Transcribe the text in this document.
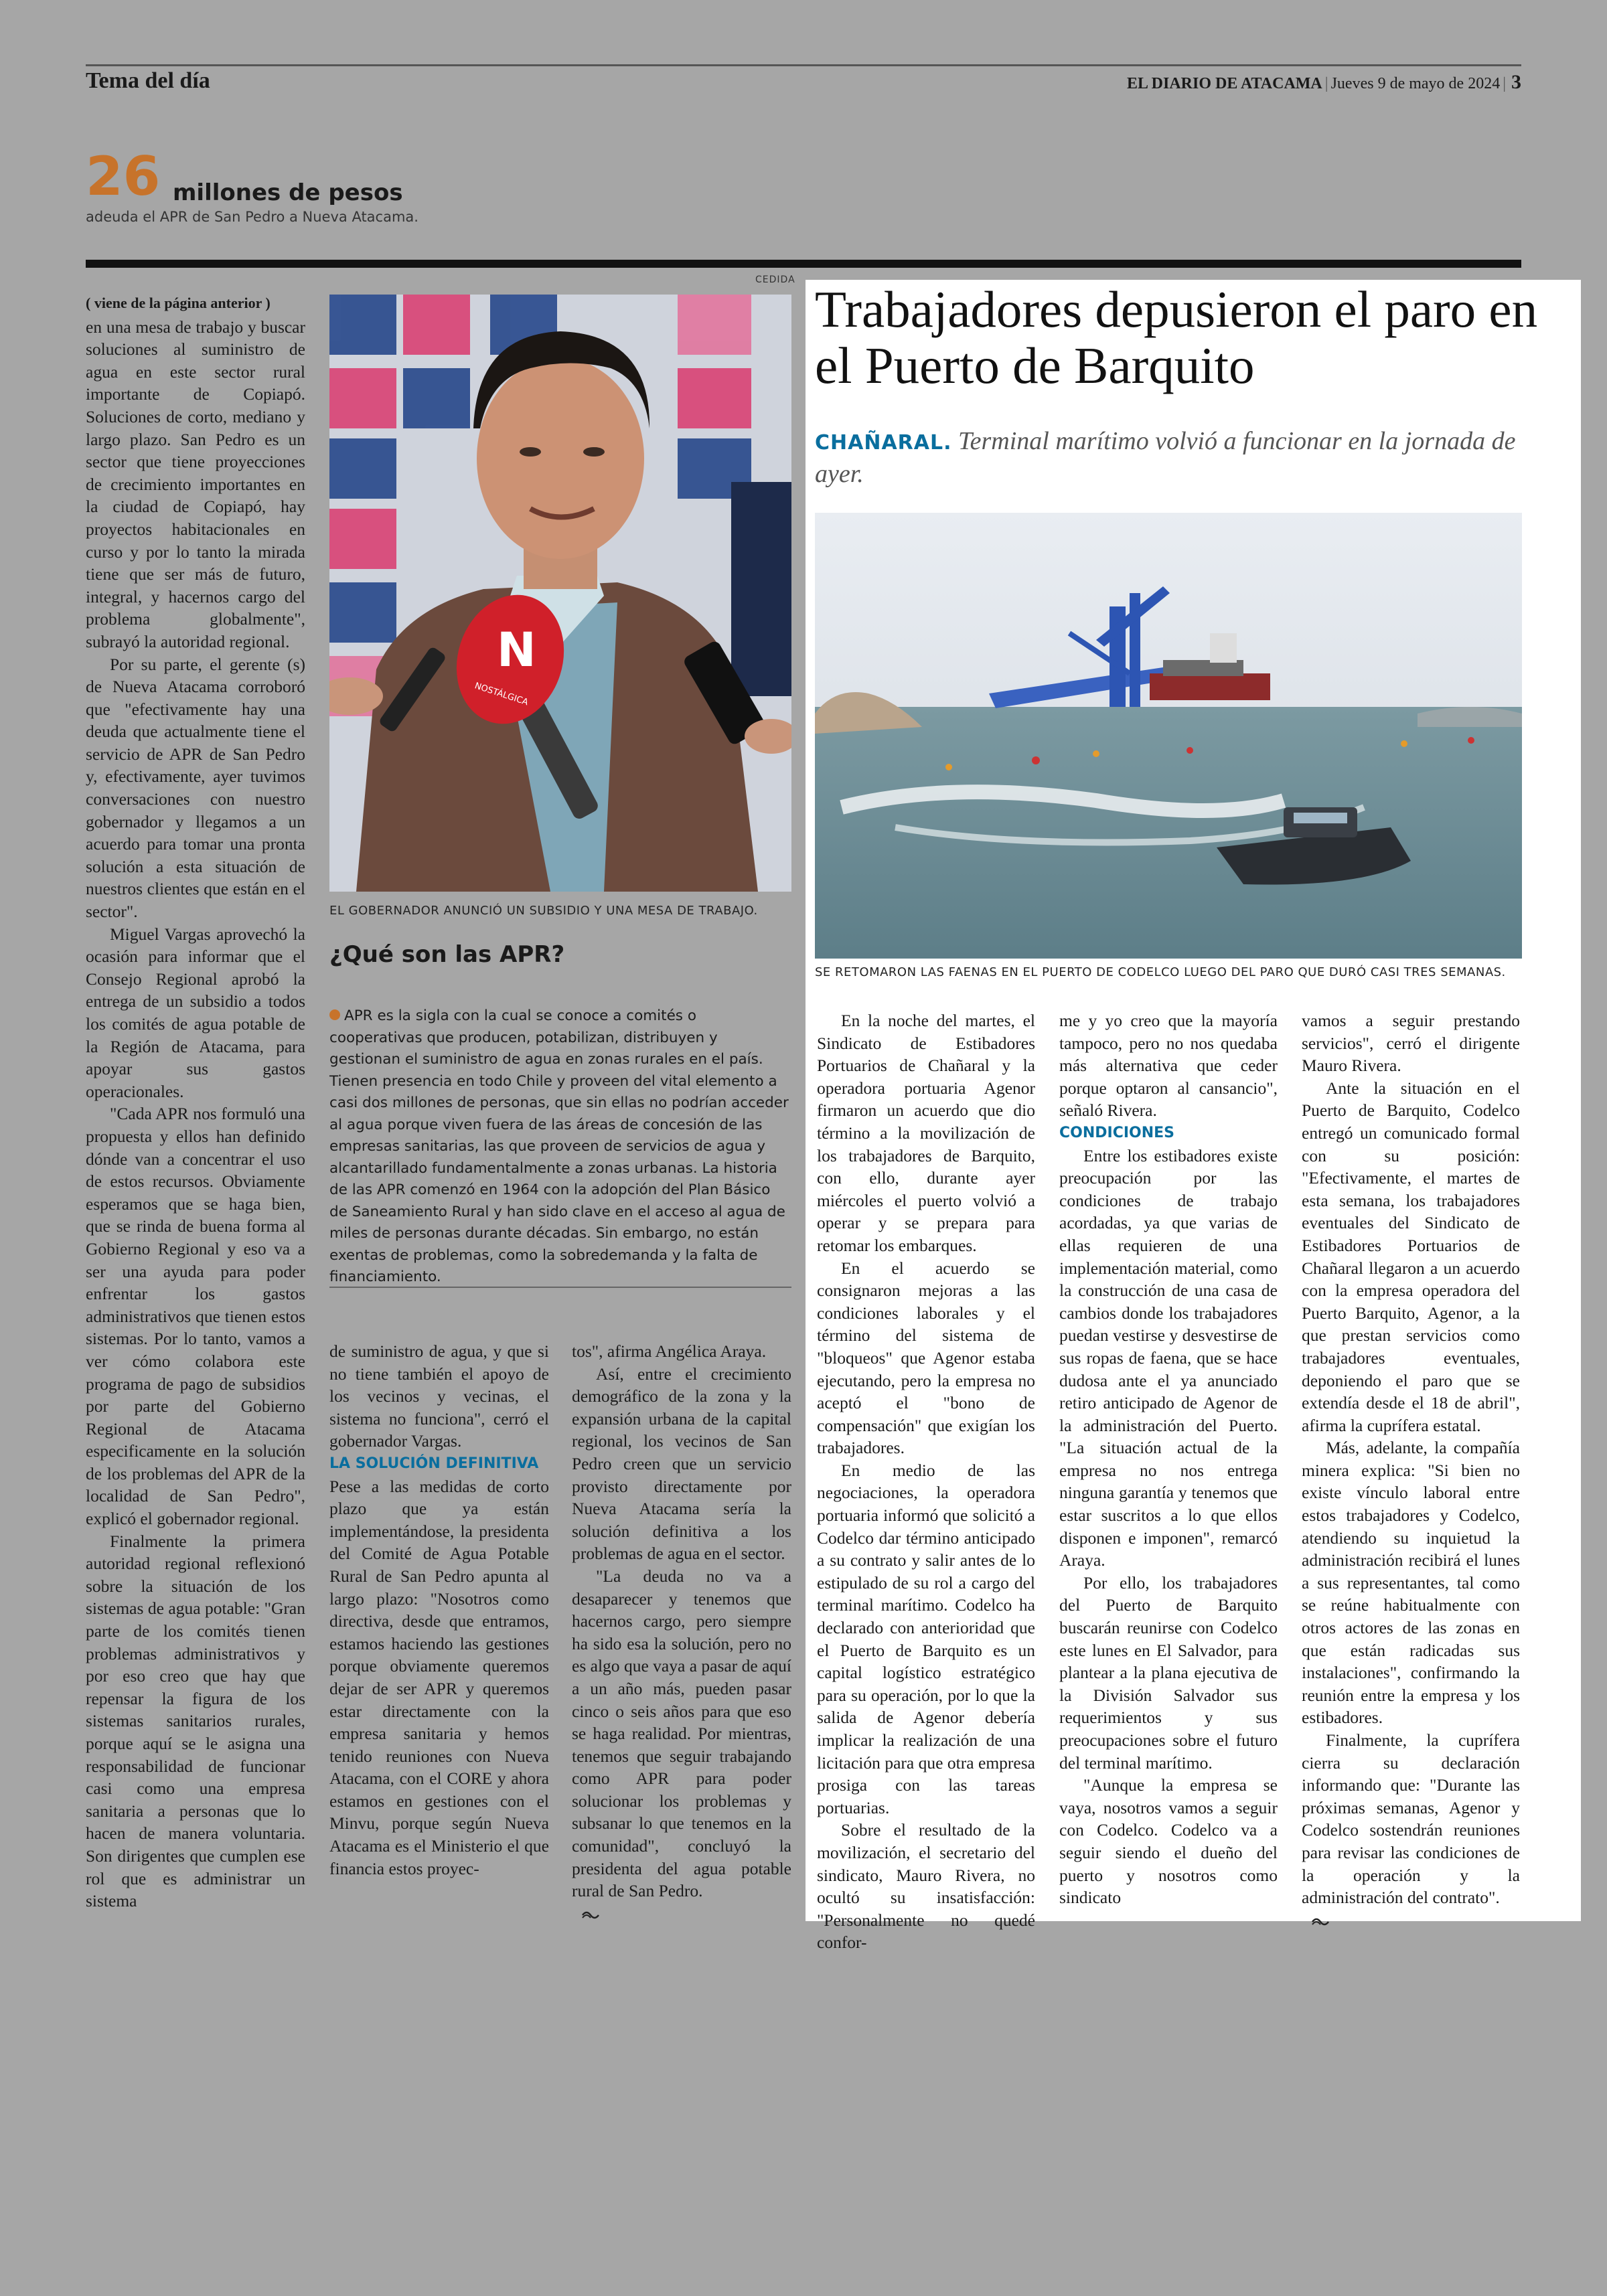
Tema del día	EL DIARIO DE ATACAMA | Jueves 9 de mayo de 2024 | 3
26 millones de pesos
adeuda el APR de San Pedro a Nueva Atacama.
( viene de la página anterior )

en una mesa de trabajo y buscar soluciones al suministro de agua en este sector rural importante de Copiapó. Soluciones de corto, mediano y largo plazo. San Pedro es un sector que tiene proyecciones de crecimiento importantes en la ciudad de Copiapó, hay proyectos habitacionales en curso y por lo tanto la mirada tiene que ser más de futuro, integral, y hacernos cargo del problema globalmente", subrayó la autoridad regional.

Por su parte, el gerente (s) de Nueva Atacama corroboró que "efectivamente hay una deuda que actualmente tiene el servicio de APR de San Pedro y, efectivamente, ayer tuvimos conversaciones con nuestro gobernador y llegamos a un acuerdo para tomar una pronta solución a esta situación de nuestros clientes que están en el sector".

Miguel Vargas aprovechó la ocasión para informar que el Consejo Regional aprobó la entrega de un subsidio a todos los comités de agua potable de la Región de Atacama, para apoyar sus gastos operacionales.

"Cada APR nos formuló una propuesta y ellos han definido dónde van a concentrar el uso de estos recursos. Obviamente esperamos que se haga bien, que se rinda de buena forma al Gobierno Regional y eso va a ser una ayuda para poder enfrentar los gastos administrativos que tienen estos sistemas. Por lo tanto, vamos a ver cómo colabora este programa de pago de subsidios por parte del Gobierno Regional de Atacama especificamente en la solución de los problemas del APR de la localidad de San Pedro", explicó el gobernador regional.

Finalmente la primera autoridad regional reflexionó sobre la situación de los sistemas de agua potable: "Gran parte de los comités tienen problemas administrativos y por eso creo que hay que repensar la figura de los sistemas sanitarios rurales, porque aquí se le asigna una responsabilidad de funcionar casi como una empresa sanitaria a personas que lo hacen de manera voluntaria. Son dirigentes que cumplen ese rol que es administrar un sistema

CEDIDA
N
NOSTÁLGICA
EL GOBERNADOR ANUNCIÓ UN SUBSIDIO Y UNA MESA DE TRABAJO.
¿Qué son las APR?
APR es la sigla con la cual se conoce a comités o cooperativas que producen, potabilizan, distribuyen y gestionan el suministro de agua en zonas rurales en el país. Tienen presencia en todo Chile y proveen del vital elemento a casi dos millones de personas, que sin ellas no podrían acceder al agua porque viven fuera de las áreas de concesión de las empresas sanitarias, las que proveen de servicios de agua y alcantarillado fundamentalmente a zonas urbanas. La historia de las APR comenzó en 1964 con la adopción del Plan Básico de Saneamiento Rural y han sido clave en el acceso al agua de miles de personas durante décadas. Sin embargo, no están exentas de problemas, como la sobredemanda y la falta de financiamiento.

de suministro de agua, y que si no tiene también el apoyo de los vecinos y vecinas, el sistema no funciona", cerró el gobernador Vargas.

LA SOLUCIÓN DEFINITIVA

Pese a las medidas de corto plazo que ya están implementándose, la presidenta del Comité de Agua Potable Rural de San Pedro apunta al largo plazo: "Nosotros como directiva, desde que entramos, estamos haciendo las gestiones porque obviamente queremos dejar de ser APR y queremos estar directamente con la empresa sanitaria y hemos tenido reuniones con Nueva Atacama, con el CORE y ahora estamos en gestiones con el Minvu, porque según Nueva Atacama es el Ministerio el que financia estos proyec-

tos", afirma Angélica Araya.

Así, entre el crecimiento demográfico de la zona y la expansión urbana de la capital regional, los vecinos de San Pedro creen que un servicio provisto directamente por Nueva Atacama sería la solución definitiva a los problemas de agua en el sector.

"La deuda no va a desaparecer y tenemos que hacernos cargo, pero siempre ha sido esa la solución, pero no es algo que vaya a pasar de aquí a un año más, pueden pasar cinco o seis años para que eso se haga realidad. Por mientras, tenemos que seguir trabajando como APR para poder solucionar los problemas y subsanar lo que tenemos en la comunidad", concluyó la presidenta del agua potable rural de San Pedro.

Trabajadores depusieron el paro en el Puerto de Barquito
CHAÑARAL. Terminal marítimo volvió a funcionar en la jornada de ayer.
SE RETOMARON LAS FAENAS EN EL PUERTO DE CODELCO LUEGO DEL PARO QUE DURÓ CASI TRES SEMANAS.

En la noche del martes, el Sindicato de Estibadores Portuarios de Chañaral y la operadora portuaria Agenor firmaron un acuerdo que dio término a la movilización de los trabajadores de Barquito, con ello, durante ayer miércoles el puerto volvió a operar y se prepara para retomar los embarques.

En el acuerdo se consignaron mejoras a las condiciones laborales y el término del sistema de "bloqueos" que Agenor estaba ejecutando, pero la empresa no aceptó el "bono de compensación" que exigían los trabajadores.

En medio de las negociaciones, la operadora portuaria informó que solicitó a Codelco dar término anticipado a su contrato y salir antes de lo estipulado de su rol a cargo del terminal marítimo. Codelco ha declarado con anterioridad que el Puerto de Barquito es un capital logístico estratégico para su operación, por lo que la salida de Agenor debería implicar la realización de una licitación para que otra empresa prosiga con las tareas portuarias.

Sobre el resultado de la movilización, el secretario del sindicato, Mauro Rivera, no ocultó su insatisfacción: "Personalmente no quedé confor-

me y yo creo que la mayoría tampoco, pero no nos quedaba más alternativa que ceder porque optaron al cansancio", señaló Rivera.

CONDICIONES

Entre los estibadores existe preocupación por las condiciones de trabajo acordadas, ya que varias de ellas requieren de una implementación material, como la construcción de una casa de cambios donde los trabajadores puedan vestirse y desvestirse de sus ropas de faena, que se hace dudosa ante el ya anunciado retiro anticipado de Agenor de la administración del Puerto. "La situación actual de la empresa no nos entrega ninguna garantía y tenemos que estar suscritos a lo que ellos disponen e imponen", remarcó Araya.

Por ello, los trabajadores del Puerto de Barquito buscarán reunirse con Codelco este lunes en El Salvador, para plantear a la plana ejecutiva de la División Salvador sus requerimientos y sus preocupaciones sobre el futuro del terminal marítimo.

"Aunque la empresa se vaya, nosotros vamos a seguir con Codelco. Codelco va a seguir siendo el dueño del puerto y nosotros como sindicato

vamos a seguir prestando servicios", cerró el dirigente Mauro Rivera.

Ante la situación en el Puerto de Barquito, Codelco entregó un comunicado formal con su posición: "Efectivamente, el martes de esta semana, los trabajadores eventuales del Sindicato de Estibadores Portuarios de Chañaral llegaron a un acuerdo con la empresa operadora del Puerto Barquito, Agenor, a la que prestan servicios como trabajadores eventuales, deponiendo el paro que se extendía desde el 18 de abril", afirma la cuprífera estatal.

Más, adelante, la compañía minera explica: "Si bien no existe vínculo laboral entre estos trabajadores y Codelco, atendiendo su inquietud la administración recibirá el lunes a sus representantes, tal como se reúne habitualmente con otros actores de las zonas en que están radicadas sus instalaciones", confirmando la reunión entre la empresa y los estibadores.

Finalmente, la cuprífera cierra su declaración informando que: "Durante las próximas semanas, Agenor y Codelco sostendrán reuniones para revisar las condiciones de la operación y la administración del contrato".
